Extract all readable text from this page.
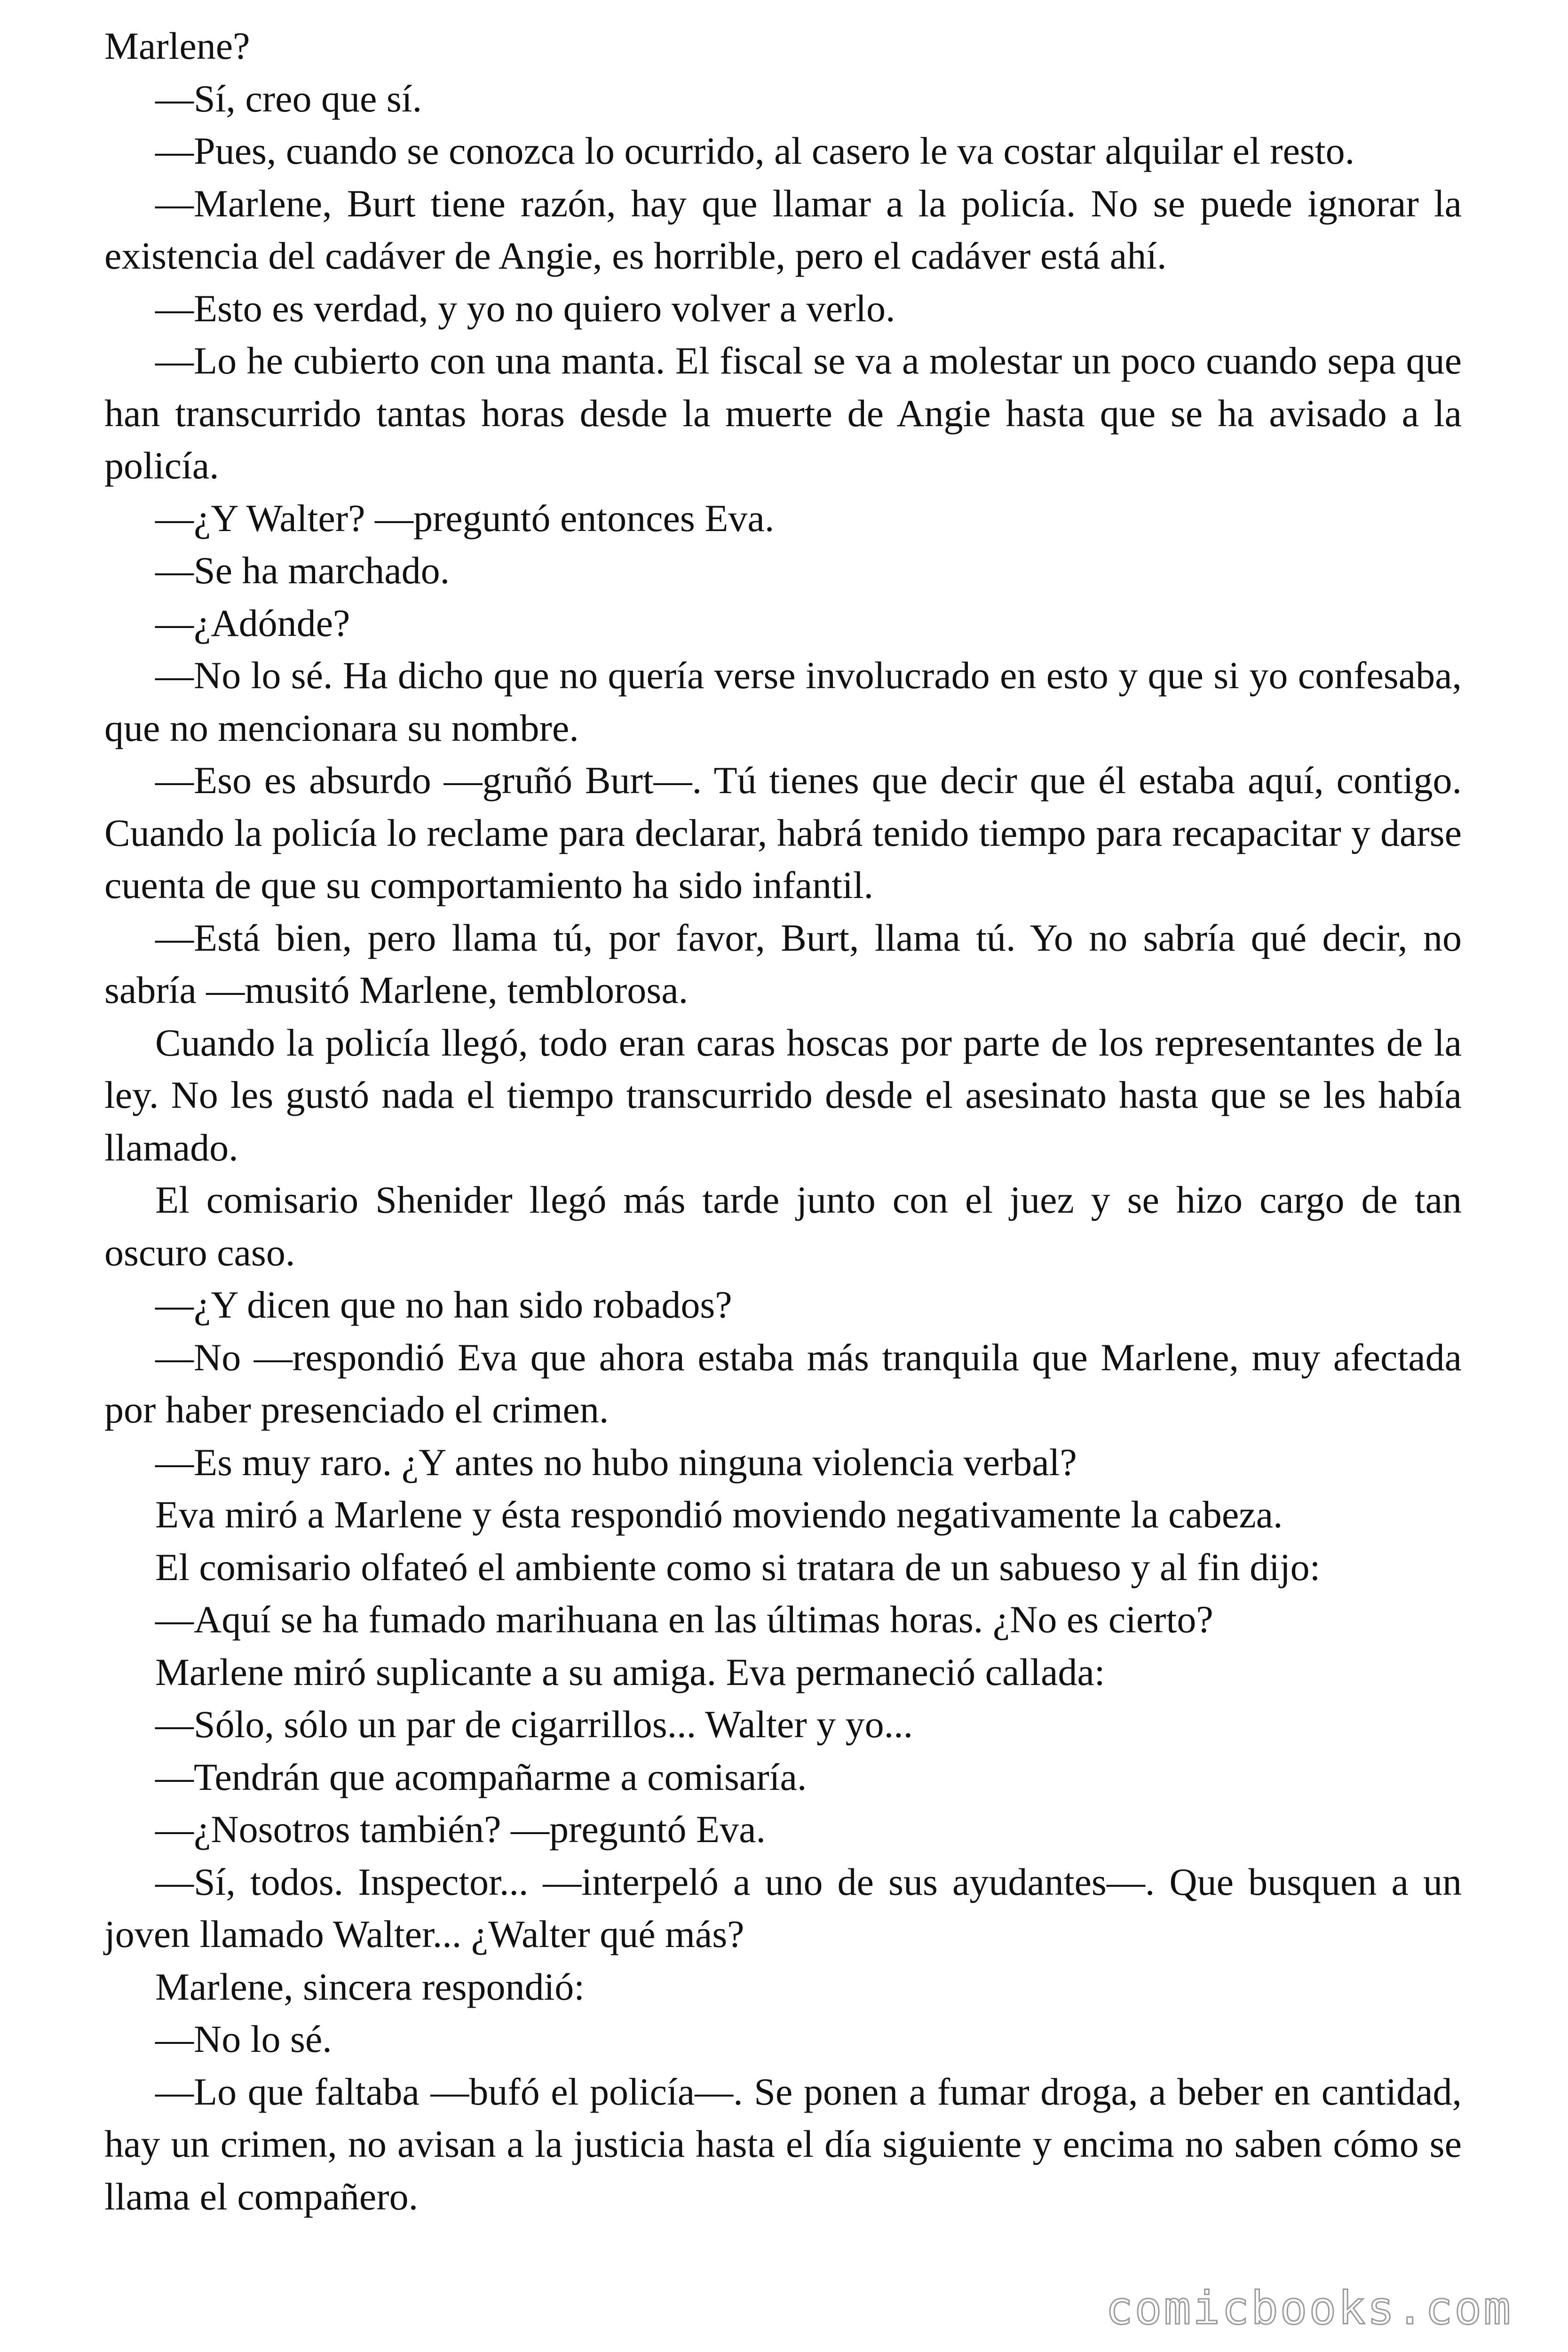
Marlene?

—Sí, creo que sí.

—Pues, cuando se conozca lo ocurrido, al casero le va costar alquilar el resto.

—Marlene, Burt tiene razón, hay que llamar a la policía. No se puede ignorar la existencia del cadáver de Angie, es horrible, pero el cadáver está ahí.

—Esto es verdad, y yo no quiero volver a verlo.

—Lo he cubierto con una manta. El fiscal se va a molestar un poco cuando sepa que han transcurrido tantas horas desde la muerte de Angie hasta que se ha avisado a la policía.

—¿Y Walter? —preguntó entonces Eva.

—Se ha marchado.

—¿Adónde?

—No lo sé. Ha dicho que no quería verse involucrado en esto y que si yo confesaba, que no mencionara su nombre.

—Eso es absurdo —gruñó Burt—. Tú tienes que decir que él estaba aquí, contigo. Cuando la policía lo reclame para declarar, habrá tenido tiempo para recapacitar y darse cuenta de que su comportamiento ha sido infantil.

—Está bien, pero llama tú, por favor, Burt, llama tú. Yo no sabría qué decir, no sabría —musitó Marlene, temblorosa.

Cuando la policía llegó, todo eran caras hoscas por parte de los representantes de la ley. No les gustó nada el tiempo transcurrido desde el asesinato hasta que se les había llamado.

El comisario Shenider llegó más tarde junto con el juez y se hizo cargo de tan oscuro caso.

—¿Y dicen que no han sido robados?

—No —respondió Eva que ahora estaba más tranquila que Marlene, muy afectada por haber presenciado el crimen.

—Es muy raro. ¿Y antes no hubo ninguna violencia verbal?

Eva miró a Marlene y ésta respondió moviendo negativamente la cabeza.

El comisario olfateó el ambiente como si tratara de un sabueso y al fin dijo:

—Aquí se ha fumado marihuana en las últimas horas. ¿No es cierto?

Marlene miró suplicante a su amiga. Eva permaneció callada:

—Sólo, sólo un par de cigarrillos... Walter y yo...

—Tendrán que acompañarme a comisaría.

—¿Nosotros también? —preguntó Eva.

—Sí, todos. Inspector... —interpeló a uno de sus ayudantes—. Que busquen a un joven llamado Walter... ¿Walter qué más?

Marlene, sincera respondió:

—No lo sé.

—Lo que faltaba —bufó el policía—. Se ponen a fumar droga, a beber en cantidad, hay un crimen, no avisan a la justicia hasta el día siguiente y encima no saben cómo se llama el compañero.

comicbooks.com
